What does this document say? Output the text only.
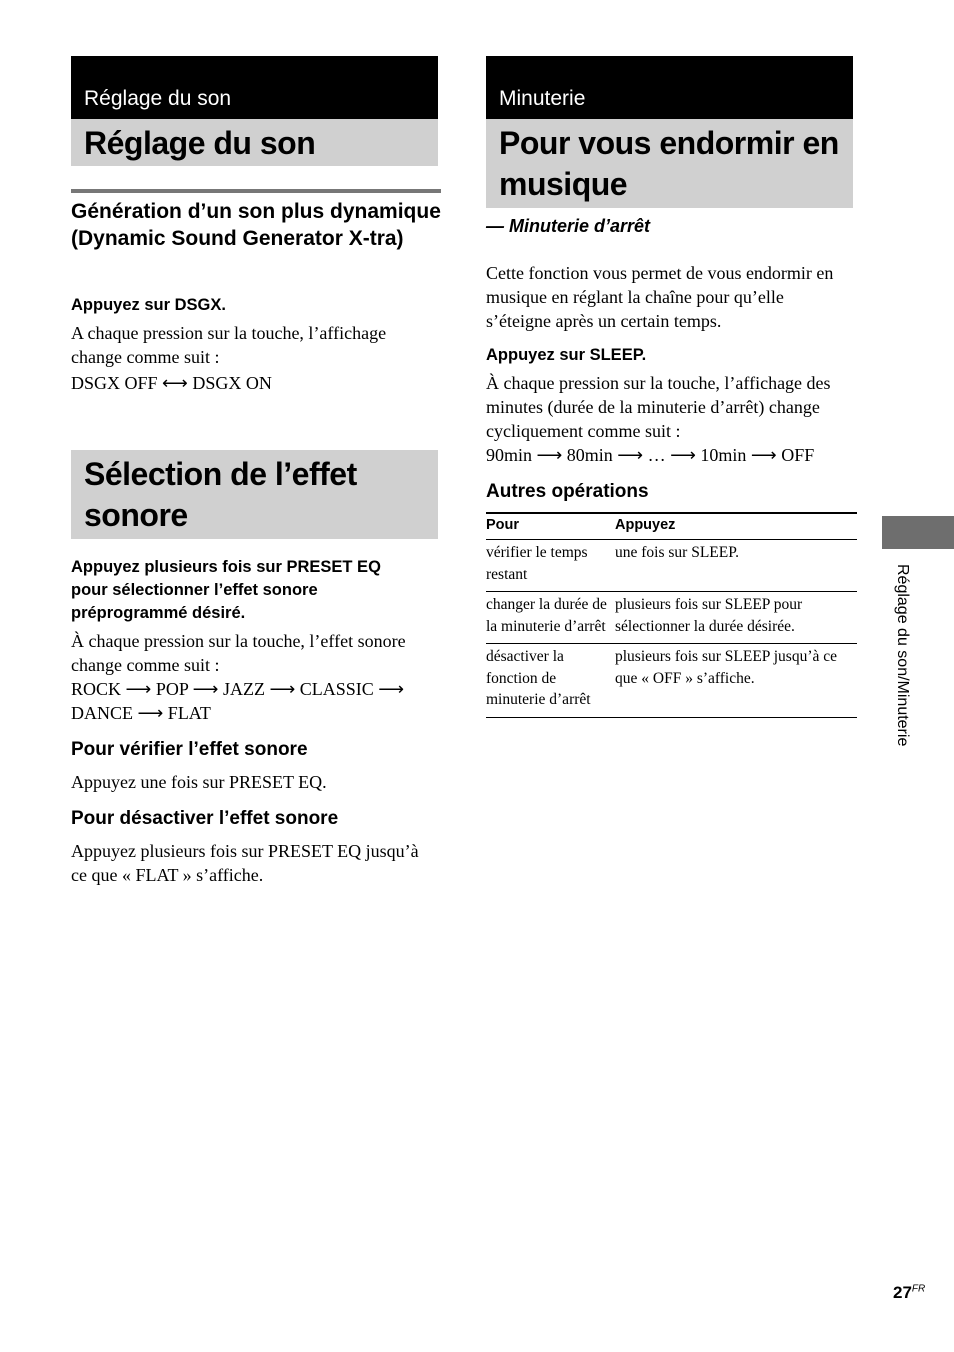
Réglage du son
Réglage du son
Génération d’un son plus dynamique (Dynamic Sound Generator X-tra)
Appuyez sur DSGX.
A chaque pression sur la touche, l’affichage
change comme suit :
DSGX OFF ⟷ DSGX ON
Sélection de l’effet
sonore
Appuyez plusieurs fois sur PRESET EQ
pour sélectionner l’effet sonore
préprogrammé désiré.
À chaque pression sur la touche, l’effet sonore
change comme suit :
ROCK ⟶ POP ⟶ JAZZ ⟶ CLASSIC ⟶
DANCE ⟶ FLAT
Pour vérifier l’effet sonore
Appuyez une fois sur PRESET EQ.
Pour désactiver l’effet sonore
Appuyez plusieurs fois sur PRESET EQ jusqu’à
ce que « FLAT » s’affiche.
Minuterie
Pour vous endormir en
musique
— Minuterie d’arrêt
Cette fonction vous permet de vous endormir en
musique en réglant la chaîne pour qu’elle
s’éteigne après un certain temps.
Appuyez sur SLEEP.
À chaque pression sur la touche, l’affichage des
minutes (durée de la minuterie d’arrêt) change
cycliquement comme suit :
90min ⟶ 80min ⟶ … ⟶ 10min ⟶ OFF
Autres opérations
Pour	Appuyez
vérifier le temps restant	une fois sur SLEEP.
changer la durée de la minuterie d’arrêt	plusieurs fois sur SLEEP pour sélectionner la durée désirée.
désactiver la fonction de minuterie d’arrêt	plusieurs fois sur SLEEP jusqu’à ce que « OFF » s’affiche.	Réglage du son/Minuterie
$27^{FR}$
